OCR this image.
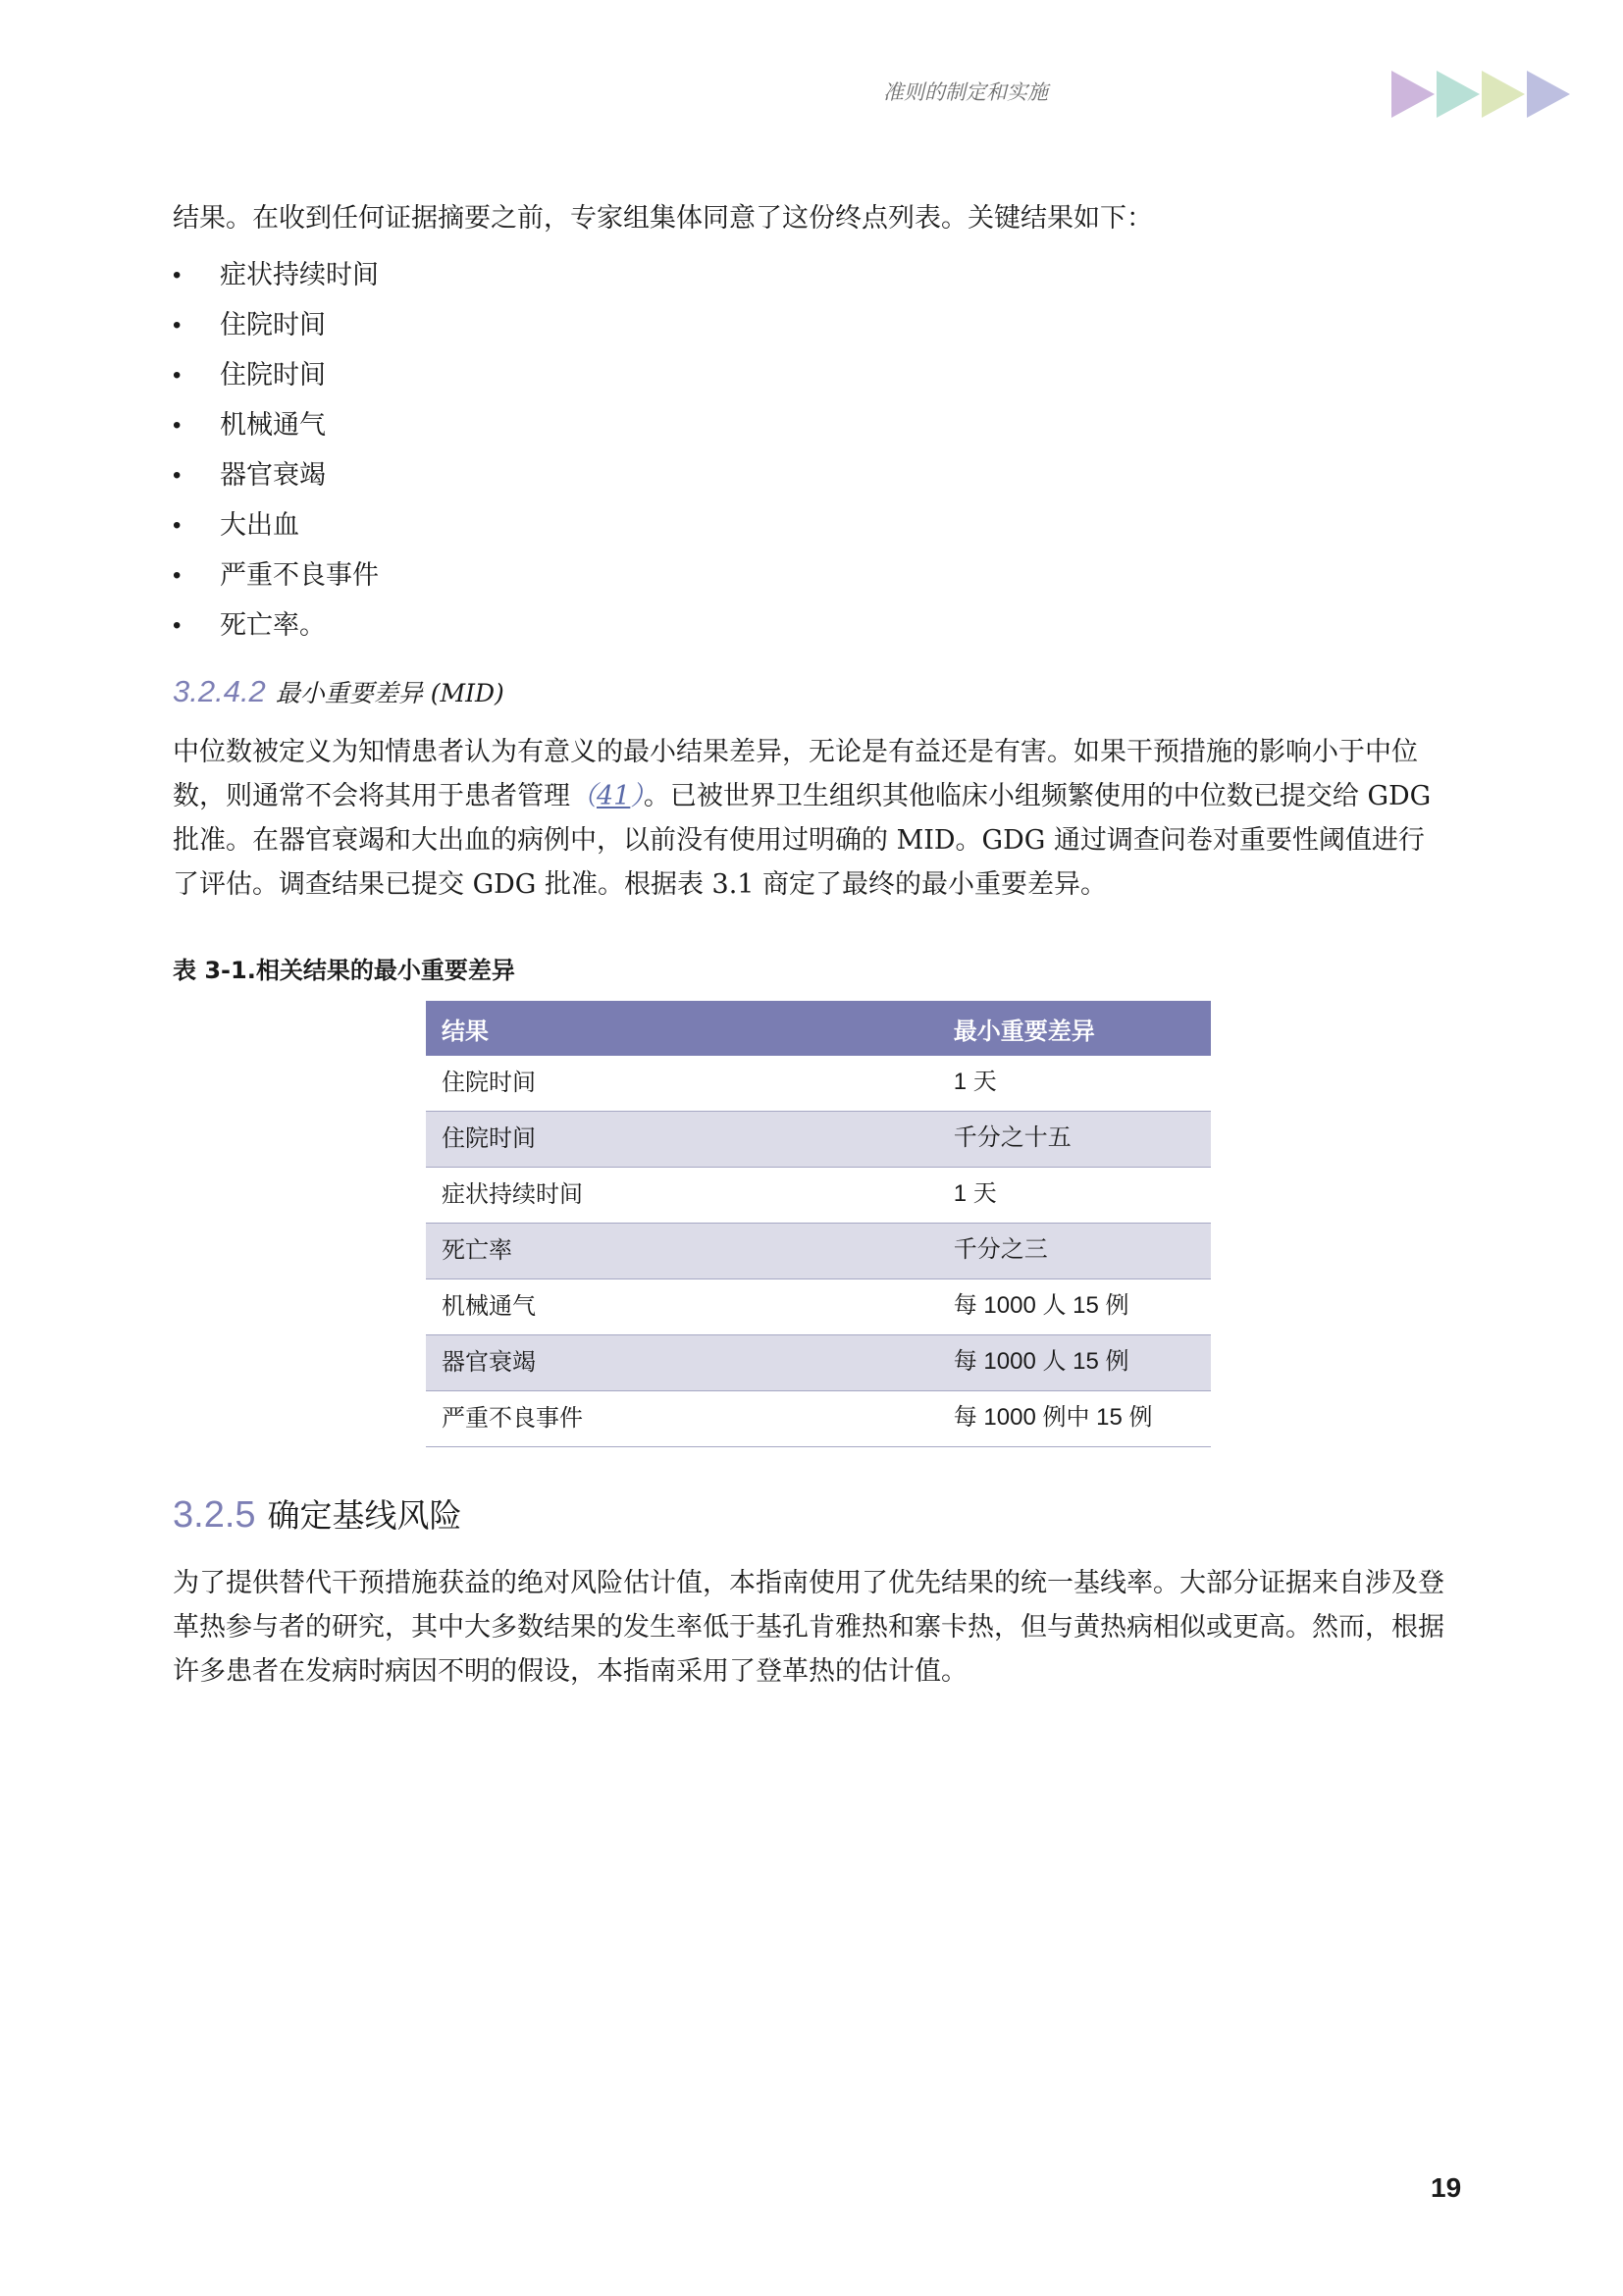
准则的制定和实施

结果。在收到任何证据摘要之前，专家组集体同意了这份终点列表。关键结果如下：

• 症状持续时间
• 住院时间
• 住院时间
• 机械通气
• 器官衰竭
• 大出血
• 严重不良事件
• 死亡率。
3.2.4.2 最小重要差异 (MID)

中位数被定义为知情患者认为有意义的最小结果差异，无论是有益还是有害。如果干预措施的影响小于中位数，则通常不会将其用于患者管理（41）。已被世界卫生组织其他临床小组频繁使用的中位数已提交给 GDG 批准。在器官衰竭和大出血的病例中，以前没有使用过明确的 MID。GDG 通过调查问卷对重要性阈值进行了评估。调查结果已提交 GDG 批准。根据表 3.1 商定了最终的最小重要差异。

表 3-1.相关结果的最小重要差异
结果	最小重要差异
住院时间	1 天
住院时间	千分之十五
症状持续时间	1 天
死亡率	千分之三
机械通气	每 1000 人 15 例
器官衰竭	每 1000 人 15 例
严重不良事件	每 1000 例中 15 例
3.2.5 确定基线风险

为了提供替代干预措施获益的绝对风险估计值，本指南使用了优先结果的统一基线率。大部分证据来自涉及登革热参与者的研究，其中大多数结果的发生率低于基孔肯雅热和寨卡热，但与黄热病相似或更高。然而，根据许多患者在发病时病因不明的假设，本指南采用了登革热的估计值。

19
